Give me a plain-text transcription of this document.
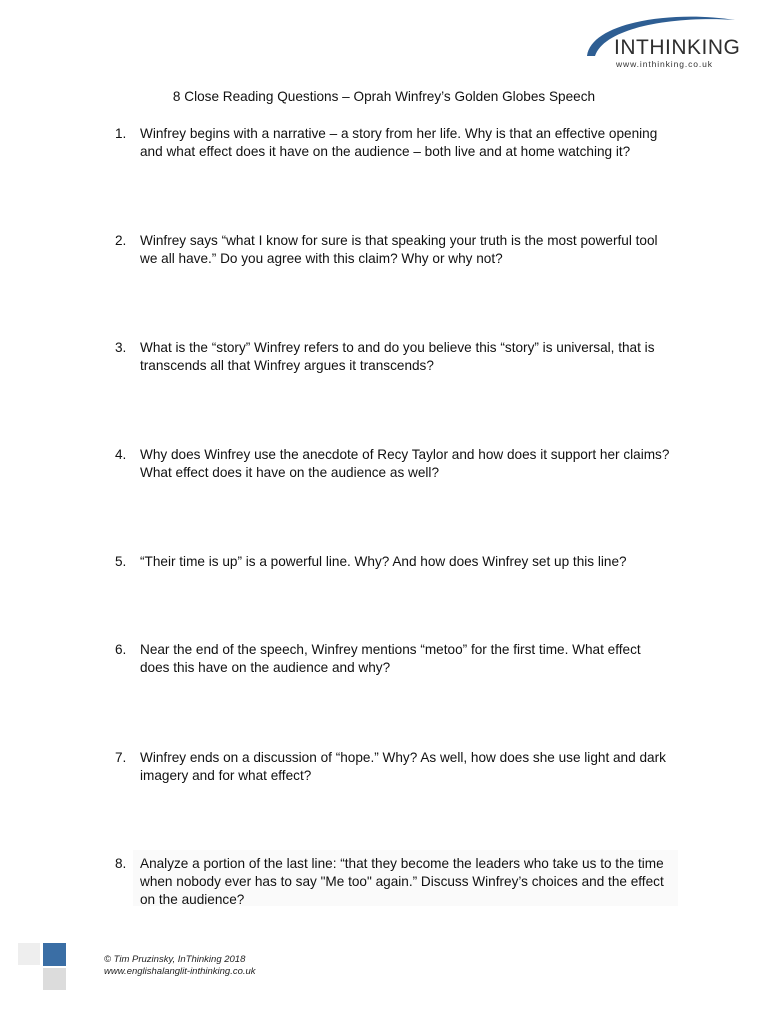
INTHINKING
www.inthinking.co.uk
8 Close Reading Questions – Oprah Winfrey’s Golden Globes Speech
1.	Winfrey begins with a narrative – a story from her life. Why is that an effective opening and what effect does it have on the audience – both live and at home watching it?
2.	Winfrey says “what I know for sure is that speaking your truth is the most powerful tool we all have.” Do you agree with this claim? Why or why not?
3.	What is the “story” Winfrey refers to and do you believe this “story” is universal, that is transcends all that Winfrey argues it transcends?
4.	Why does Winfrey use the anecdote of Recy Taylor and how does it support her claims? What effect does it have on the audience as well?
5.	“Their time is up” is a powerful line. Why? And how does Winfrey set up this line?
6.	Near the end of the speech, Winfrey mentions “metoo” for the first time. What effect does this have on the audience and why?
7.	Winfrey ends on a discussion of “hope.” Why? As well, how does she use light and dark imagery and for what effect?
8.	Analyze a portion of the last line: “that they become the leaders who take us to the time when nobody ever has to say "Me too" again.” Discuss Winfrey’s choices and the effect on the audience?
© Tim Pruzinsky, InThinking 2018
www.englishalanglit-inthinking.co.uk
